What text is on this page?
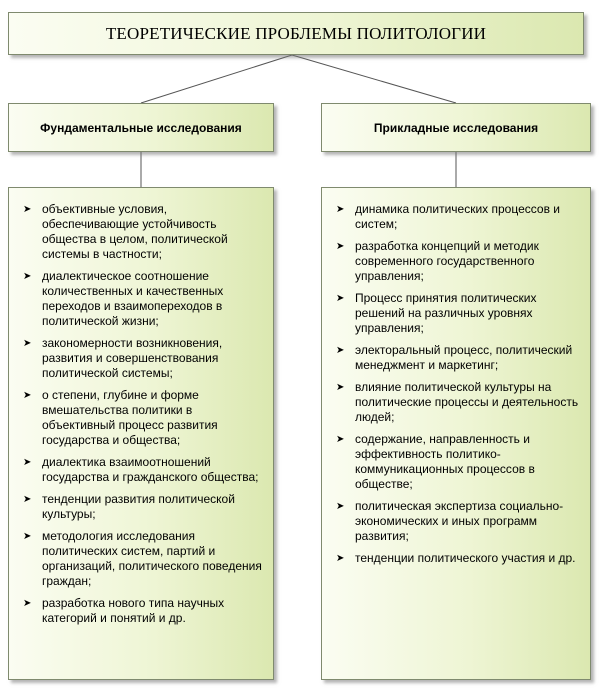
ТЕОРЕТИЧЕСКИЕ ПРОБЛЕМЫ ПОЛИТОЛОГИИ
Фундаментальные исследования	Прикладные исследования
➤ объективные условия, обеспечивающие устойчивость общества в целом, политической системы в частности;
➤ диалектическое соотношение количественных и качественных переходов и взаимопереходов в политической жизни;
➤ закономерности возникновения, развития и совершенствования политической системы;
➤ о степени, глубине и форме вмешательства политики в объективный процесс развития государства и общества;
➤ диалектика взаимоотношений государства и гражданского общества;
➤ тенденции развития политической культуры;
➤ методология исследования политических систем, партий и организаций, политического поведения граждан;
➤ разработка нового типа научных категорий и понятий и др.
➤ динамика политических процессов и систем;
➤ разработка концепций и методик современного государственного управления;
➤ Процесс принятия политических решений на различных уровнях управления;
➤ электоральный процесс, политический менеджмент и маркетинг;
➤ влияние политической культуры на политические процессы и деятельность людей;
➤ содержание, направленность и эффективность политико-коммуникационных процессов в обществе;
➤ политическая экспертиза социально-экономических и иных программ развития;
➤ тенденции политического участия и др.
